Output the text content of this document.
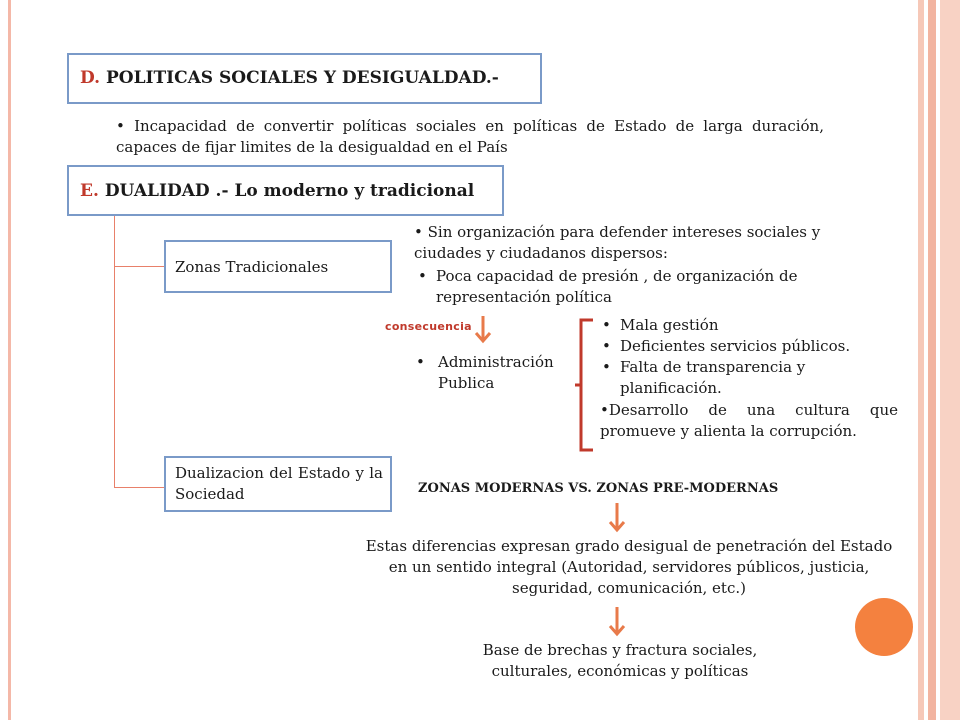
D. POLITICAS SOCIALES Y DESIGUALDAD.-
• Incapacidad de convertir políticas sociales en políticas de Estado de larga duración, capaces de fijar limites de la desigualdad en el País
E. DUALIDAD .- Lo moderno y tradicional
Zonas Tradicionales
• Sin organización para defender intereses sociales y ciudades y ciudadanos dispersos:
• Poca capacidad de presión , de organización de representación política
consecuencia
• Administración Publica
• Mala gestión
• Deficientes servicios públicos.
• Falta de transparencia y planificación.
•Desarrollo de una cultura que promueve y alienta la corrupción.
Dualizacion del Estado y la Sociedad	ZONAS MODERNAS VS. ZONAS PRE-MODERNAS
Estas diferencias expresan grado desigual de penetración del Estado en un sentido integral (Autoridad, servidores públicos, justicia, seguridad, comunicación, etc.)
Base de brechas y fractura sociales, culturales, económicas y políticas
